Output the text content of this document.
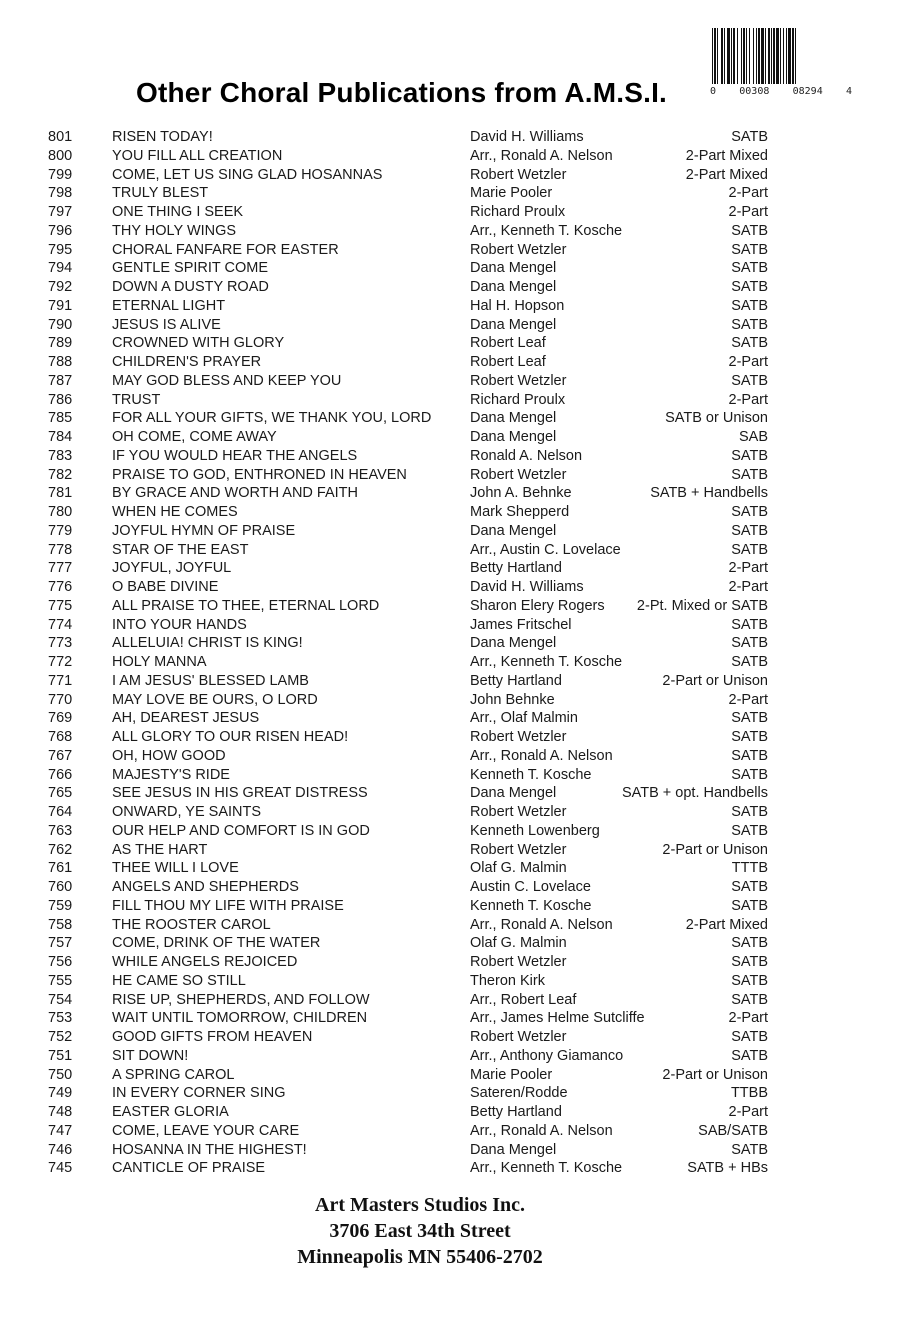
0 00308 08294 4
Other Choral Publications from A.M.S.I.
801	RISEN TODAY!	David H. Williams	SATB
800	YOU FILL ALL CREATION	Arr., Ronald A. Nelson	2-Part Mixed
799	COME, LET US SING GLAD HOSANNAS	Robert Wetzler	2-Part Mixed
798	TRULY BLEST	Marie Pooler	2-Part
797	ONE THING I SEEK	Richard Proulx	2-Part
796	THY HOLY WINGS	Arr., Kenneth T. Kosche	SATB
795	CHORAL FANFARE FOR EASTER	Robert Wetzler	SATB
794	GENTLE SPIRIT COME	Dana Mengel	SATB
792	DOWN A DUSTY ROAD	Dana Mengel	SATB
791	ETERNAL LIGHT	Hal H. Hopson	SATB
790	JESUS IS ALIVE	Dana Mengel	SATB
789	CROWNED WITH GLORY	Robert Leaf	SATB
788	CHILDREN'S PRAYER	Robert Leaf	2-Part
787	MAY GOD BLESS AND KEEP YOU	Robert Wetzler	SATB
786	TRUST	Richard Proulx	2-Part
785	FOR ALL YOUR GIFTS, WE THANK YOU, LORD	Dana Mengel	SATB or Unison
784	OH COME, COME AWAY	Dana Mengel	SAB
783	IF YOU WOULD HEAR THE ANGELS	Ronald A. Nelson	SATB
782	PRAISE TO GOD, ENTHRONED IN HEAVEN	Robert Wetzler	SATB
781	BY GRACE AND WORTH AND FAITH	John A. Behnke	SATB + Handbells
780	WHEN HE COMES	Mark Shepperd	SATB
779	JOYFUL HYMN OF PRAISE	Dana Mengel	SATB
778	STAR OF THE EAST	Arr., Austin C. Lovelace	SATB
777	JOYFUL, JOYFUL	Betty Hartland	2-Part
776	O BABE DIVINE	David H. Williams	2-Part
775	ALL PRAISE TO THEE, ETERNAL LORD	Sharon Elery Rogers	2-Pt. Mixed or SATB
774	INTO YOUR HANDS	James Fritschel	SATB
773	ALLELUIA! CHRIST IS KING!	Dana Mengel	SATB
772	HOLY MANNA	Arr., Kenneth T. Kosche	SATB
771	I AM JESUS' BLESSED LAMB	Betty Hartland	2-Part or Unison
770	MAY LOVE BE OURS, O LORD	John Behnke	2-Part
769	AH, DEAREST JESUS	Arr., Olaf Malmin	SATB
768	ALL GLORY TO OUR RISEN HEAD!	Robert Wetzler	SATB
767	OH, HOW GOOD	Arr., Ronald A. Nelson	SATB
766	MAJESTY'S RIDE	Kenneth T. Kosche	SATB
765	SEE JESUS IN HIS GREAT DISTRESS	Dana Mengel	SATB + opt. Handbells
764	ONWARD, YE SAINTS	Robert Wetzler	SATB
763	OUR HELP AND COMFORT IS IN GOD	Kenneth Lowenberg	SATB
762	AS THE HART	Robert Wetzler	2-Part or Unison
761	THEE WILL I LOVE	Olaf G. Malmin	TTTB
760	ANGELS AND SHEPHERDS	Austin C. Lovelace	SATB
759	FILL THOU MY LIFE WITH PRAISE	Kenneth T. Kosche	SATB
758	THE ROOSTER CAROL	Arr., Ronald A. Nelson	2-Part Mixed
757	COME, DRINK OF THE WATER	Olaf G. Malmin	SATB
756	WHILE ANGELS REJOICED	Robert Wetzler	SATB
755	HE CAME SO STILL	Theron Kirk	SATB
754	RISE UP, SHEPHERDS, AND FOLLOW	Arr., Robert Leaf	SATB
753	WAIT UNTIL TOMORROW, CHILDREN	Arr., James Helme Sutcliffe	2-Part
752	GOOD GIFTS FROM HEAVEN	Robert Wetzler	SATB
751	SIT DOWN!	Arr., Anthony Giamanco	SATB
750	A SPRING CAROL	Marie Pooler	2-Part or Unison
749	IN EVERY CORNER SING	Sateren/Rodde	TTBB
748	EASTER GLORIA	Betty Hartland	2-Part
747	COME, LEAVE YOUR CARE	Arr., Ronald A. Nelson	SAB/SATB
746	HOSANNA IN THE HIGHEST!	Dana Mengel	SATB
745	CANTICLE OF PRAISE	Arr., Kenneth T. Kosche	SATB + HBs
Art Masters Studios Inc.
3706 East 34th Street
Minneapolis MN 55406-2702
